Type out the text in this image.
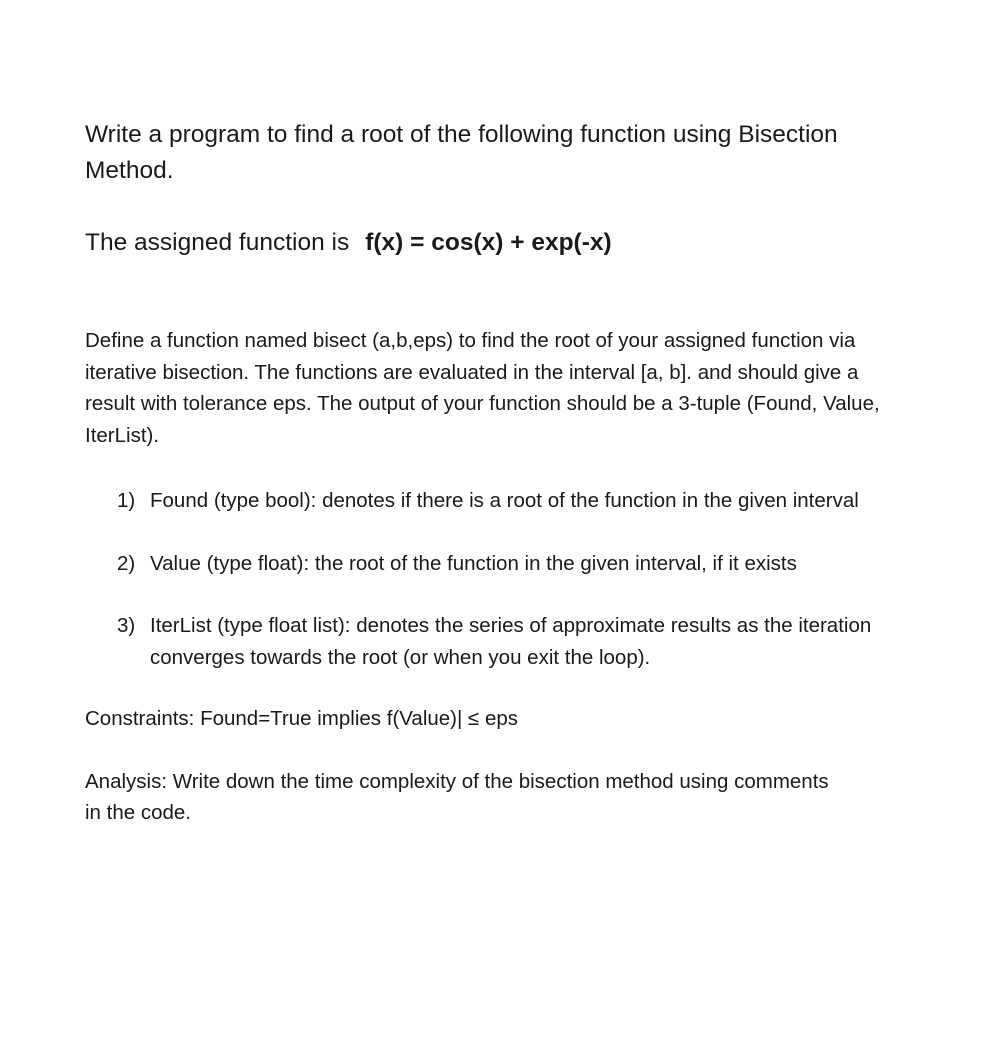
Write a program to find a root of the following function using Bisection Method.

The assigned function is f(x) = cos(x) + exp(-x)

Define a function named bisect (a,b,eps) to find the root of your assigned function via iterative bisection. The functions are evaluated in the interval [a, b]. and should give a result with tolerance eps. The output of your function should be a 3-tuple (Found, Value, IterList).

1) Found (type bool): denotes if there is a root of the function in the given interval
2) Value (type float): the root of the function in the given interval, if it exists
3) IterList (type float list): denotes the series of approximate results as the iteration converges towards the root (or when you exit the loop).

Constraints: Found=True implies f(Value)| ≤ eps

Analysis: Write down the time complexity of the bisection method using comments in the code.
